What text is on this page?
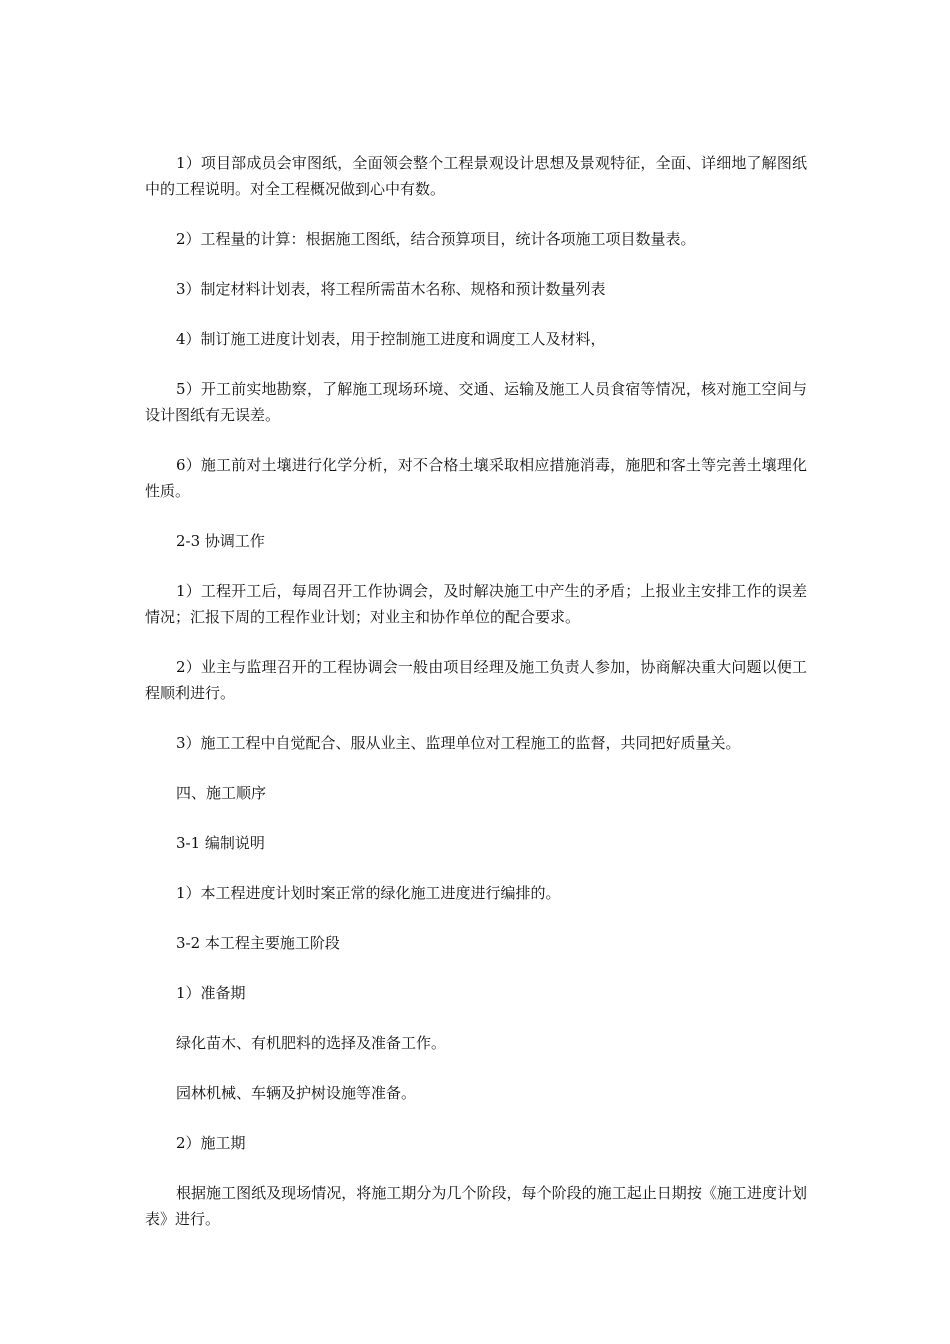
1）项目部成员会审图纸，全面领会整个工程景观设计思想及景观特征，全面、详细地了解图纸中的工程说明。对全工程概况做到心中有数。

2）工程量的计算：根据施工图纸，结合预算项目，统计各项施工项目数量表。

3）制定材料计划表，将工程所需苗木名称、规格和预计数量列表

4）制订施工进度计划表，用于控制施工进度和调度工人及材料，

5）开工前实地勘察，了解施工现场环境、交通、运输及施工人员食宿等情况，核对施工空间与设计图纸有无误差。

6）施工前对土壤进行化学分析，对不合格土壤采取相应措施消毒，施肥和客土等完善土壤理化性质。

2-3 协调工作

1）工程开工后，每周召开工作协调会，及时解决施工中产生的矛盾；上报业主安排工作的误差情况；汇报下周的工程作业计划；对业主和协作单位的配合要求。

2）业主与监理召开的工程协调会一般由项目经理及施工负责人参加，协商解决重大问题以便工程顺利进行。

3）施工工程中自觉配合、服从业主、监理单位对工程施工的监督，共同把好质量关。

四、施工顺序

3-1 编制说明

1）本工程进度计划时案正常的绿化施工进度进行编排的。

3-2 本工程主要施工阶段

1）准备期

绿化苗木、有机肥料的选择及准备工作。

园林机械、车辆及护树设施等准备。

2）施工期

根据施工图纸及现场情况，将施工期分为几个阶段，每个阶段的施工起止日期按《施工进度计划表》进行。
